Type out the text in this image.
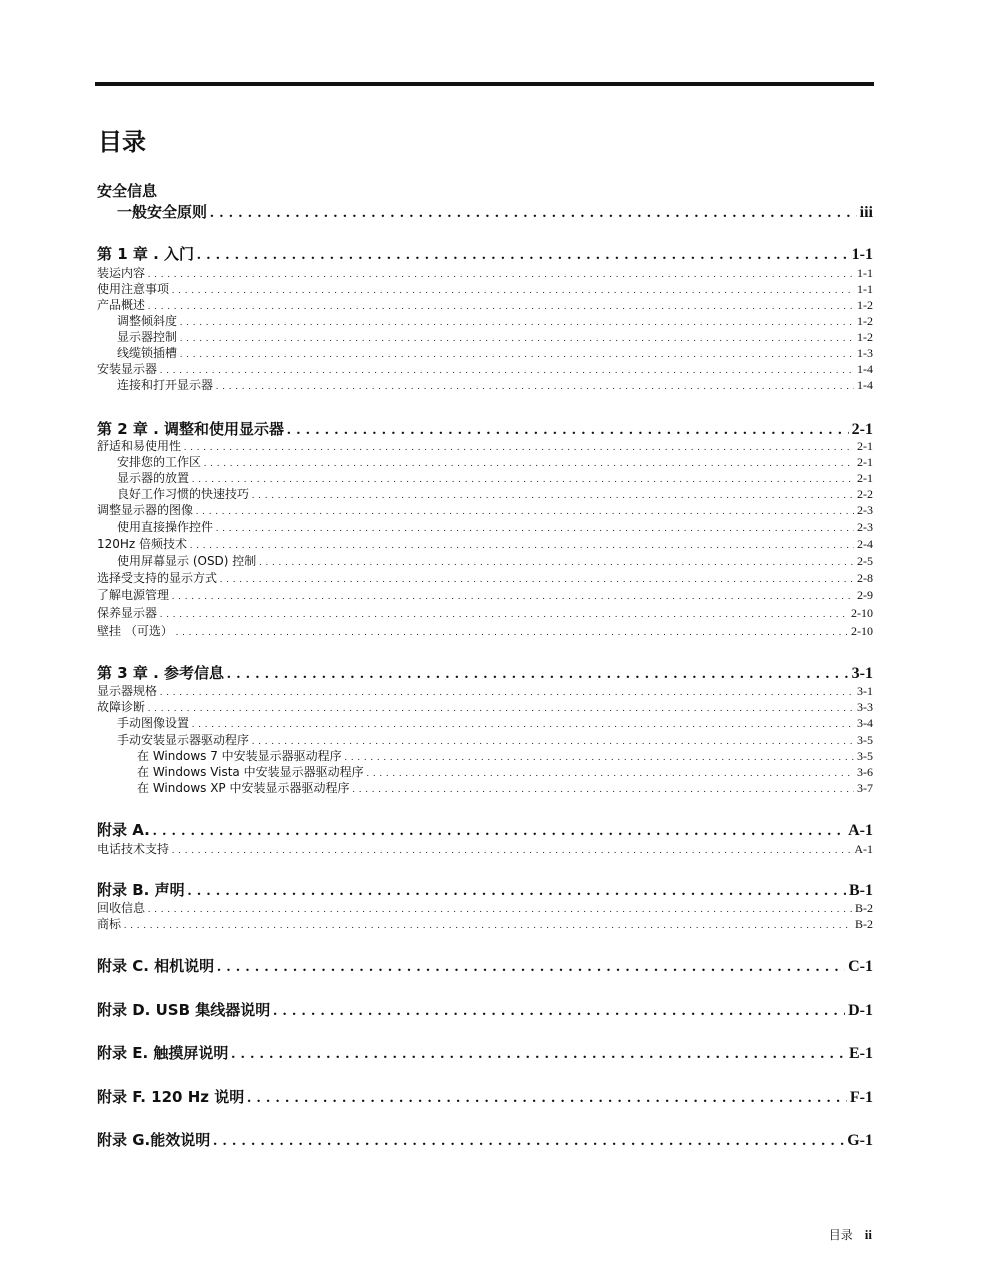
目录
安全信息
一般安全原则 . . .	iii
第 1 章 . 入门 . . .	1-1
装运内容 . . .	1-1
使用注意事项 . . .	1-1
产品概述 . . .	1-2
调整倾斜度 . . .	1-2
显示器控制 . . .	1-2
线缆锁插槽 . . .	1-3
安装显示器 . . .	1-4
连接和打开显示器 . . .	1-4
第 2 章 . 调整和使用显示器 . . .	2-1
舒适和易使用性 . . .	2-1
安排您的工作区 . . .	2-1
显示器的放置 . . .	2-1
良好工作习惯的快速技巧 . . .	2-2
调整显示器的图像 . . .	2-3
使用直接操作控件 . . .	2-3
120Hz 倍频技术 . . .	2-4
使用屏幕显示 (OSD) 控制 . . .	2-5
选择受支持的显示方式 . . .	2-8
了解电源管理 . . .	2-9
保养显示器 . . .	2-10
壁挂 （可选） . . .	2-10
第 3 章 . 参考信息 . . .	3-1
显示器规格 . . .	3-1
故障诊断 . . .	3-3
手动图像设置 . . .	3-4
手动安装显示器驱动程序 . . .	3-5
在 Windows 7 中安装显示器驱动程序 . . .	3-5
在 Windows Vista 中安装显示器驱动程序 . . .	3-6
在 Windows XP 中安装显示器驱动程序 . . .	3-7
附录 A. . . .	A-1
电话技术支持 . . .	A-1
附录 B. 声明 . . .	B-1
回收信息 . . .	B-2
商标 . . .	B-2
附录 C. 相机说明 . . .	C-1
附录 D. USB 集线器说明 . . .	D-1
附录 E. 触摸屏说明 . . .	E-1
附录 F. 120 Hz 说明 . . .	F-1
附录 G.能效说明 . . .	G-1
目录 ii
